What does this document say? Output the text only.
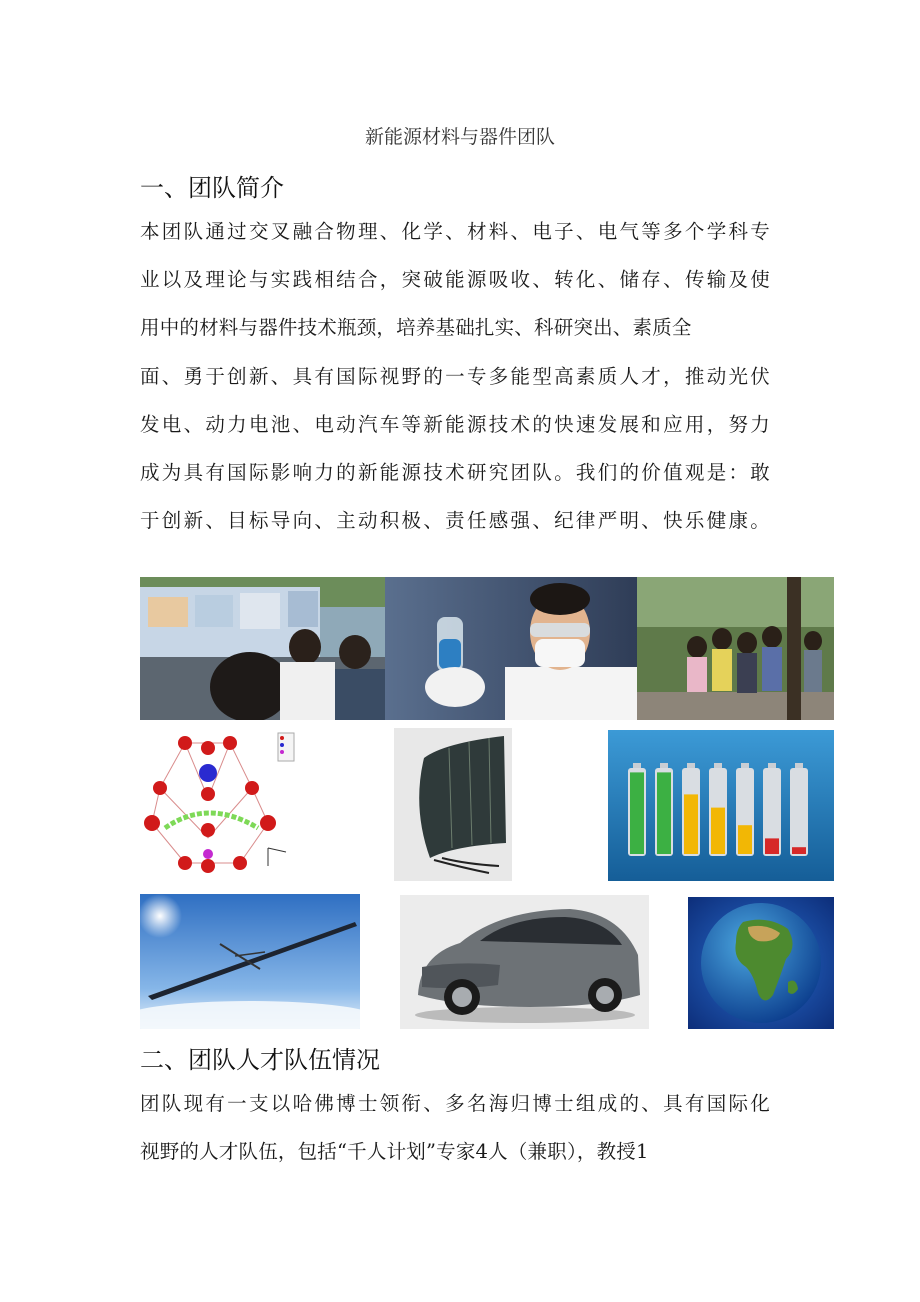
新能源材料与器件团队
一、团队简介
本团队通过交叉融合物理、化学、材料、电子、电气等多个学科专
业以及理论与实践相结合，突破能源吸收、转化、储存、传输及使
用中的材料与器件技术瓶颈，培养基础扎实、科研突出、素质全
面、勇于创新、具有国际视野的一专多能型高素质人才，推动光伏
发电、动力电池、电动汽车等新能源技术的快速发展和应用，努力
成为具有国际影响力的新能源技术研究团队。我们的价值观是：敢
于创新、目标导向、主动积极、责任感强、纪律严明、快乐健康。
二、团队人才队伍情况
团队现有一支以哈佛博士领衔、多名海归博士组成的、具有国际化
视野的人才队伍，包括“千人计划”专家4人（兼职），教授1
